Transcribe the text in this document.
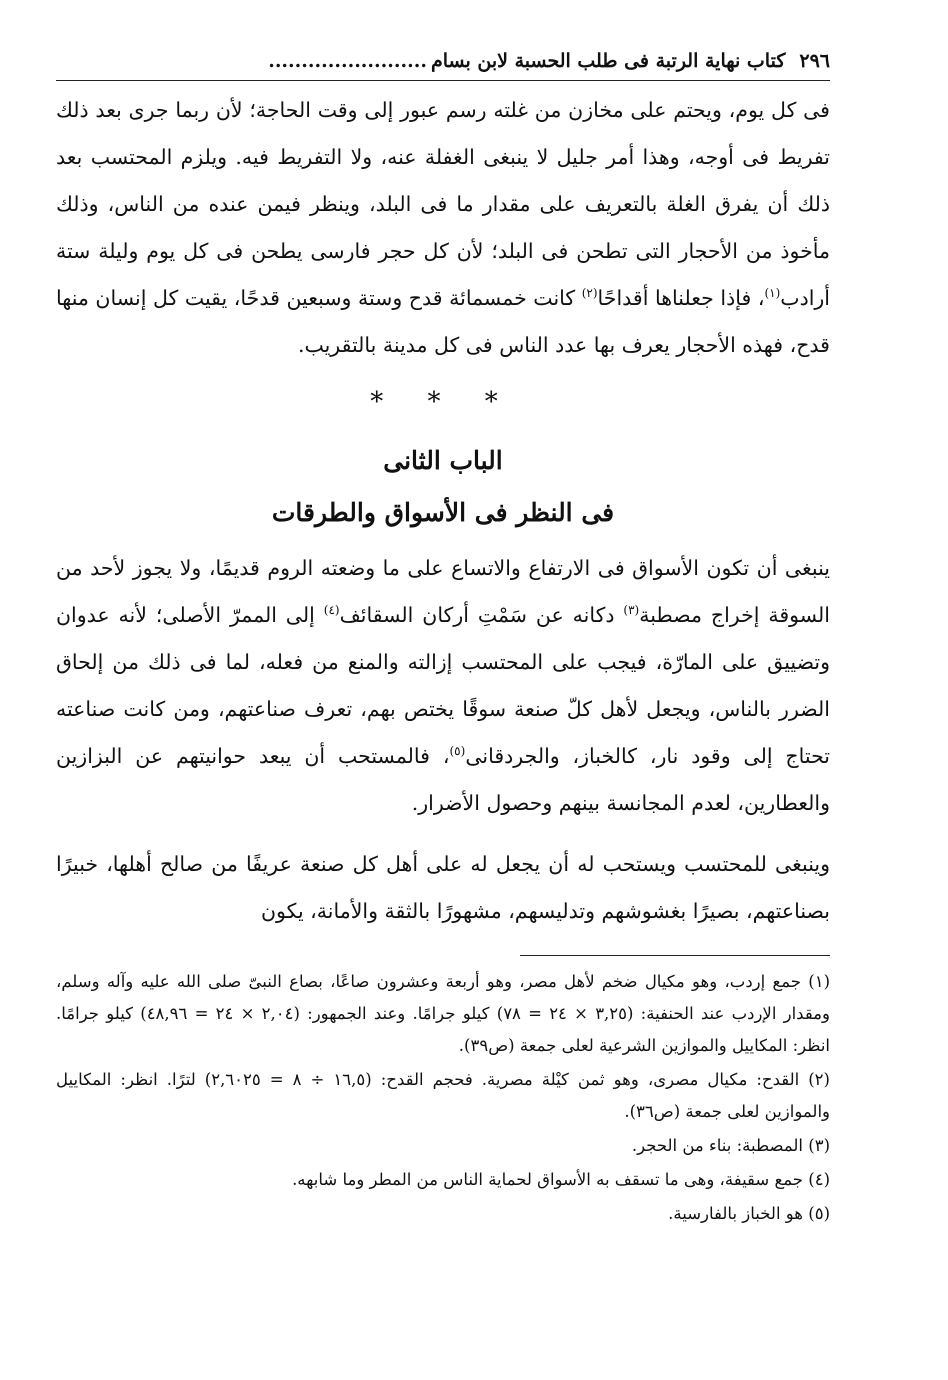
٢٩٦كتاب نهاية الرتبة فى طلب الحسبة لابن بسام........................

فى كل يوم، ويحتم على مخازن من غلته رسم عبور إلى وقت الحاجة؛ لأن ربما جرى بعد ذلك تفريط فى أوجه، وهذا أمر جليل لا ينبغى الغفلة عنه، ولا التفريط فيه. ويلزم المحتسب بعد ذلك أن يفرق الغلة بالتعريف على مقدار ما فى البلد، وينظر فيمن عنده من الناس، وذلك مأخوذ من الأحجار التى تطحن فى البلد؛ لأن كل حجر فارسى يطحن فى كل يوم وليلة ستة أرادب$^{(١)}$، فإذا جعلناها أقداحًا$^{(٢)}$ كانت خمسمائة قدح وستة وسبعين قدحًا، يقيت كل إنسان منها قدح، فهذه الأحجار يعرف بها عدد الناس فى كل مدينة بالتقريب.

* * *
الباب الثانى
فى النظر فى الأسواق والطرقات

ينبغى أن تكون الأسواق فى الارتفاع والاتساع على ما وضعته الروم قديمًا، ولا يجوز لأحد من السوقة إخراج مصطبة$^{(٣)}$ دكانه عن سَمْتِ أركان السقائف$^{(٤)}$ إلى الممرّ الأصلى؛ لأنه عدوان وتضييق على المارّة، فيجب على المحتسب إزالته والمنع من فعله، لما فى ذلك من إلحاق الضرر بالناس، ويجعل لأهل كلّ صنعة سوقًا يختص بهم، تعرف صناعتهم، ومن كانت صناعته تحتاج إلى وقود نار، كالخباز، والجردقانى$^{(٥)}$، فالمستحب أن يبعد حوانيتهم عن البزازين والعطارين، لعدم المجانسة بينهم وحصول الأضرار.

وينبغى للمحتسب ويستحب له أن يجعل له على أهل كل صنعة عريفًا من صالح أهلها، خبيرًا بصناعتهم، بصيرًا بغشوشهم وتدليسهم، مشهورًا بالثقة والأمانة، يكون

(١) جمع إردب، وهو مكيال ضخم لأهل مصر، وهو أربعة وعشرون صاعًا، بصاع النبىّ صلى الله عليه وآله وسلم، ومقدار الإردب عند الحنفية: (٣,٢٥ × ٢٤ = ٧٨) كيلو جرامًا. وعند الجمهور: (٢,٠٤ × ٢٤ = ٤٨,٩٦) كيلو جرامًا. انظر: المكاييل والموازين الشرعية لعلى جمعة (ص٣٩).

(٢) القدح: مكيال مصرى، وهو ثمن كيْلة مصرية. فحجم القدح: (١٦,٥ ÷ ٨ = ٢,٦٠٢٥) لترًا. انظر: المكاييل والموازين لعلى جمعة (ص٣٦).

(٣) المصطبة: بناء من الحجر.

(٤) جمع سقيفة، وهى ما تسقف به الأسواق لحماية الناس من المطر وما شابهه.

(٥) هو الخباز بالفارسية.
